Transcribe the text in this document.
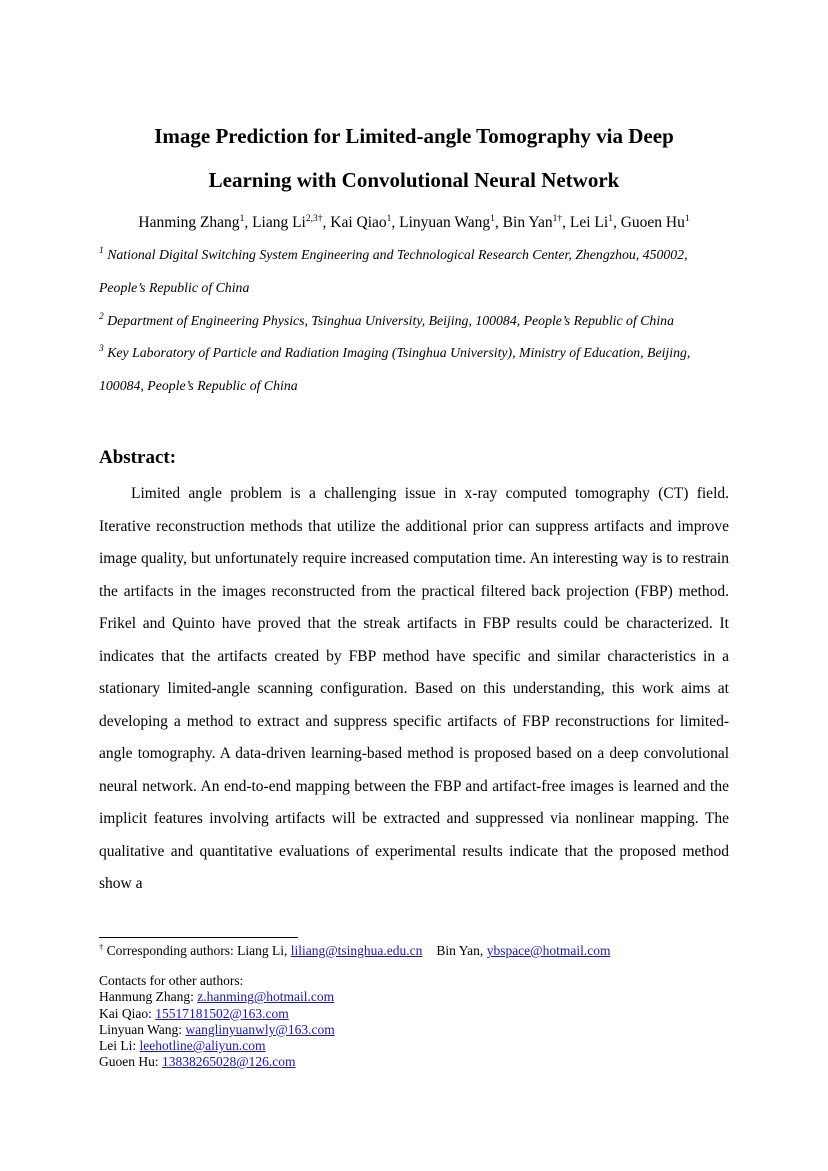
Image Prediction for Limited-angle Tomography via Deep
Learning with Convolutional Neural Network
Hanming Zhang$^1$, Liang $Li^{2,3\dagger}$, Kai Qiao$^1$, Linyuan Wang$^1$, Bin Yan$^{1\dagger}$, Lei Li$^1$, Guoen Hu$^1$
$^1$ National Digital Switching System Engineering and Technological Research Center, Zhengzhou, 450002, People’s Republic of China
$^2$ Department of Engineering Physics, Tsinghua University, Beijing, 100084, People’s Republic of China
$^3$ Key Laboratory of Particle and Radiation Imaging (Tsinghua University), Ministry of Education, Beijing, 100084, People’s Republic of China
Abstract:

Limited angle problem is a challenging issue in x-ray computed tomography (CT) field. Iterative reconstruction methods that utilize the additional prior can suppress artifacts and improve image quality, but unfortunately require increased computation time. An interesting way is to restrain the artifacts in the images reconstructed from the practical filtered back projection (FBP) method. Frikel and Quinto have proved that the streak artifacts in FBP results could be characterized. It indicates that the artifacts created by FBP method have specific and similar characteristics in a stationary limited-angle scanning configuration. Based on this understanding, this work aims at developing a method to extract and suppress specific artifacts of FBP reconstructions for limited-angle tomography. A data-driven learning-based method is proposed based on a deep convolutional neural network. An end-to-end mapping between the FBP and artifact-free images is learned and the implicit features involving artifacts will be extracted and suppressed via nonlinear mapping. The qualitative and quantitative evaluations of experimental results indicate that the proposed method show a

† Corresponding authors: Liang Li, liliang@tsinghua.edu.cn Bin Yan, ybspace@hotmail.com

Contacts for other authors:
Hanmung Zhang: z.hanming@hotmail.com
Kai Qiao: 15517181502@163.com
Linyuan Wang: wanglinyuanwly@163.com
Lei Li: leehotline@aliyun.com
Guoen Hu: 13838265028@126.com
